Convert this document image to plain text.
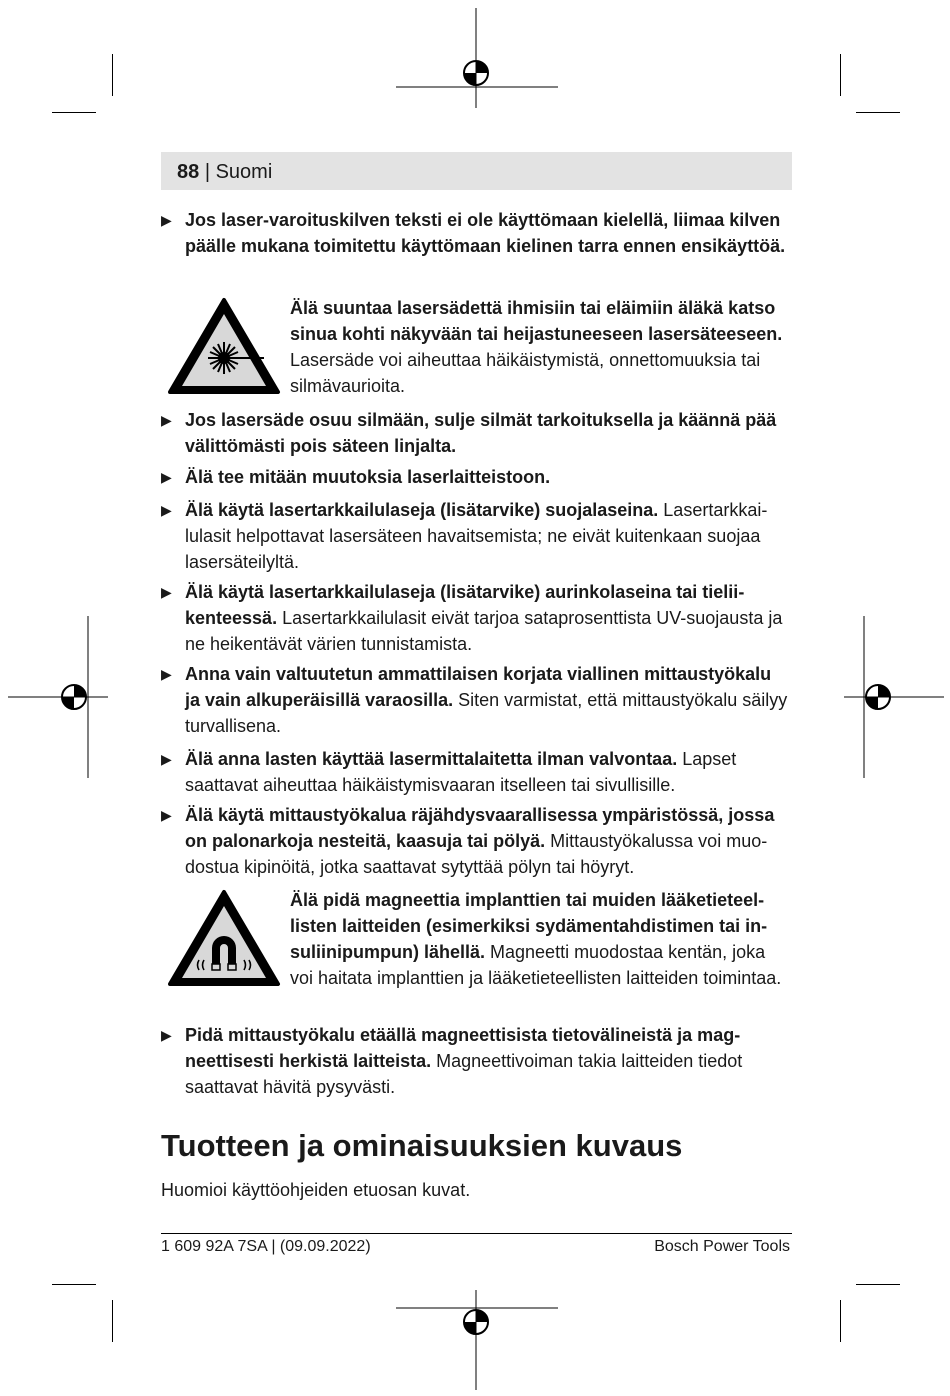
88 | Suomi
▶ Jos laser-varoituskilven teksti ei ole käyttömaan kielellä, liimaa kilven päälle mukana toimitettu käyttömaan kielinen tarra ennen ensikäyttöä.
Älä suuntaa lasersädettä ihmisiin tai eläimiin äläkä katso sinua kohti näkyvään tai heijastuneeseen lasersäteeseen. Lasersäde voi aiheuttaa häikäistymistä, onnettomuuksia tai silmävaurioita.
▶ Jos lasersäde osuu silmään, sulje silmät tarkoituksella ja käännä pää välittömästi pois säteen linjalta.
▶ Älä tee mitään muutoksia laserlaitteistoon.
▶ Älä käytä lasertarkkailulaseja (lisätarvike) suojalaseina. Lasertarkkailulasit helpottavat lasersäteen havaitsemista; ne eivät kuitenkaan suojaa lasersäteilyltä.
▶ Älä käytä lasertarkkailulaseja (lisätarvike) aurinkolaseina tai tieliikenteessä. Lasertarkkailulasit eivät tarjoa sataprosenttista UV-suojausta ja ne heikentävät värien tunnistamista.
▶ Anna vain valtuutetun ammattilaisen korjata viallinen mittaustyökalu ja vain alkuperäisillä varaosilla. Siten varmistat, että mittaustyökalu säilyy turvallisena.
▶ Älä anna lasten käyttää lasermittalaitetta ilman valvontaa. Lapset saattavat aiheuttaa häikäistymisvaaran itselleen tai sivullisille.
▶ Älä käytä mittaustyökalua räjähdysvaarallisessa ympäristössä, jossa on palonarkoja nesteitä, kaasuja tai pölyä. Mittaustyökalussa voi muodostua kipinöitä, jotka saattavat sytyttää pölyn tai höyryt.
Älä pidä magneettia implanttien tai muiden lääketieteellisten laitteiden (esimerkiksi sydämentahdistimen tai insuliinipumpun) lähellä. Magneetti muodostaa kentän, joka voi haitata implanttien ja lääketieteellisten laitteiden toimintaa.
▶ Pidä mittaustyökalu etäällä magneettisista tietovälineistä ja magneettisesti herkistä laitteista. Magneettivoiman takia laitteiden tiedot saattavat hävitä pysyvästi.
Tuotteen ja ominaisuuksien kuvaus
Huomioi käyttöohjeiden etuosan kuvat.
1 609 92A 7SA | (09.09.2022)	Bosch Power Tools
